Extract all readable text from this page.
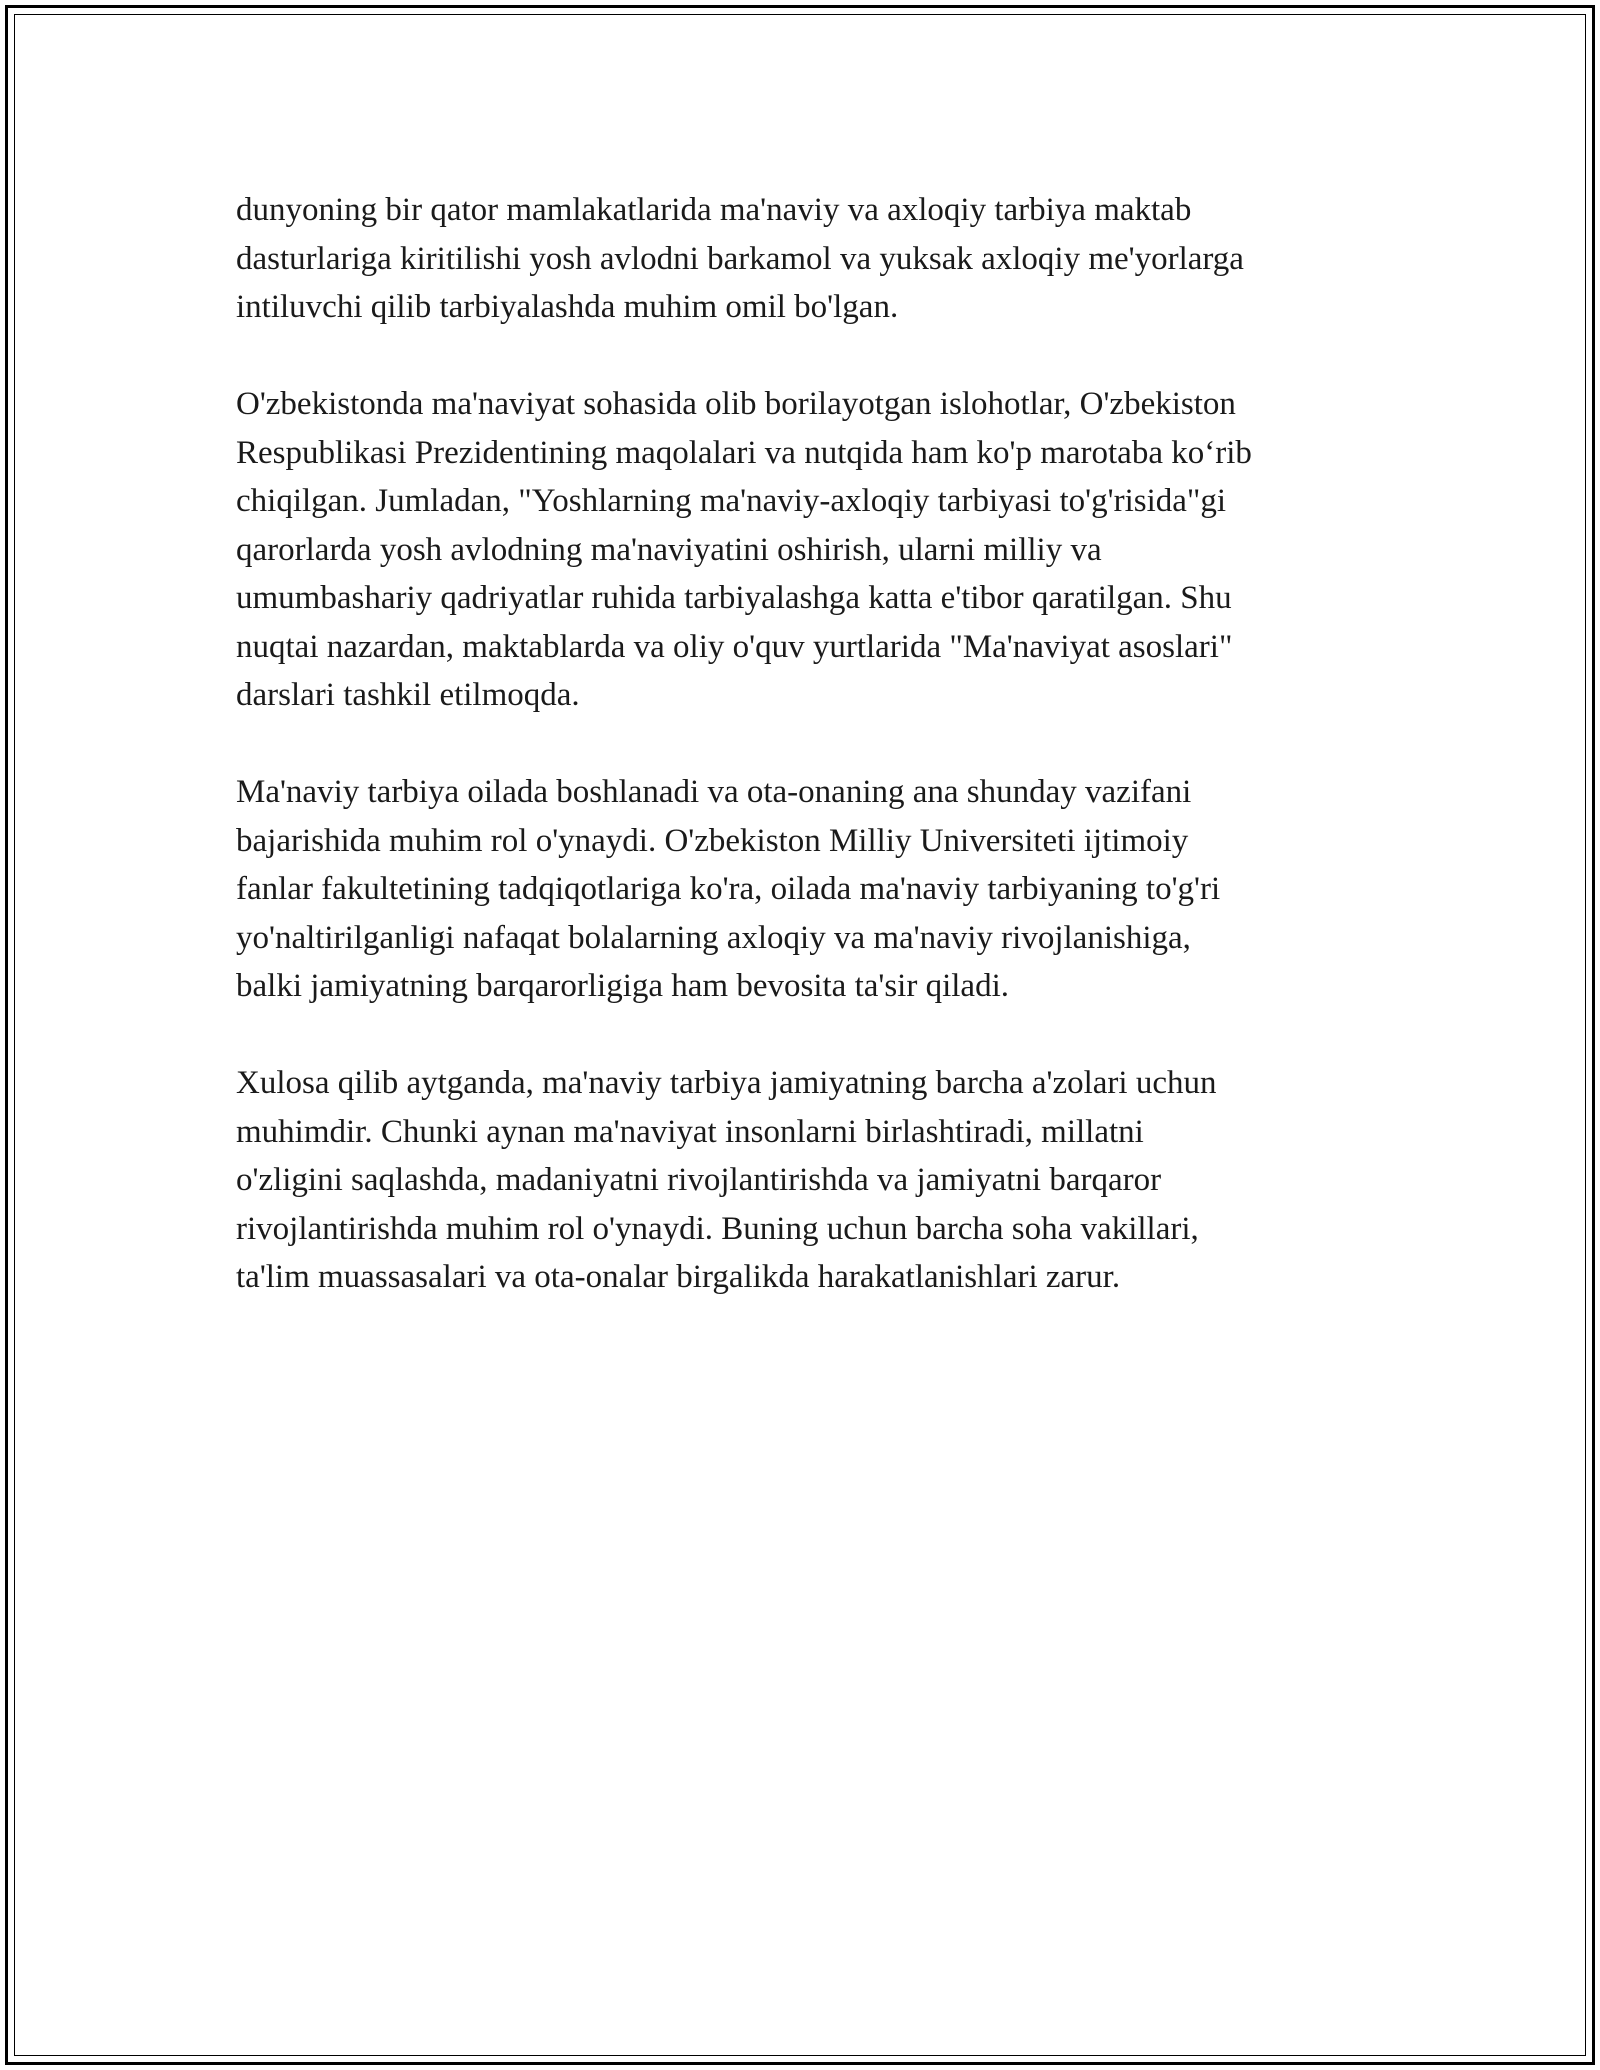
dunyoning bir qator mamlakatlarida ma'naviy va axloqiy tarbiya maktab
dasturlariga kiritilishi yosh avlodni barkamol va yuksak axloqiy me'yorlarga
intiluvchi qilib tarbiyalashda muhim omil bo'lgan.

O'zbekistonda ma'naviyat sohasida olib borilayotgan islohotlar, O'zbekiston
Respublikasi Prezidentining maqolalari va nutqida ham ko'p marotaba ko‘rib
chiqilgan. Jumladan, "Yoshlarning ma'naviy-axloqiy tarbiyasi to'g'risida"gi
qarorlarda yosh avlodning ma'naviyatini oshirish, ularni milliy va
umumbashariy qadriyatlar ruhida tarbiyalashga katta e'tibor qaratilgan. Shu
nuqtai nazardan, maktablarda va oliy o'quv yurtlarida "Ma'naviyat asoslari"
darslari tashkil etilmoqda.

Ma'naviy tarbiya oilada boshlanadi va ota-onaning ana shunday vazifani
bajarishida muhim rol o'ynaydi. O'zbekiston Milliy Universiteti ijtimoiy
fanlar fakultetining tadqiqotlariga ko'ra, oilada ma'naviy tarbiyaning to'g'ri
yo'naltirilganligi nafaqat bolalarning axloqiy va ma'naviy rivojlanishiga,
balki jamiyatning barqarorligiga ham bevosita ta'sir qiladi.

Xulosa qilib aytganda, ma'naviy tarbiya jamiyatning barcha a'zolari uchun
muhimdir. Chunki aynan ma'naviyat insonlarni birlashtiradi, millatni
o'zligini saqlashda, madaniyatni rivojlantirishda va jamiyatni barqaror
rivojlantirishda muhim rol o'ynaydi. Buning uchun barcha soha vakillari,
ta'lim muassasalari va ota-onalar birgalikda harakatlanishlari zarur.
